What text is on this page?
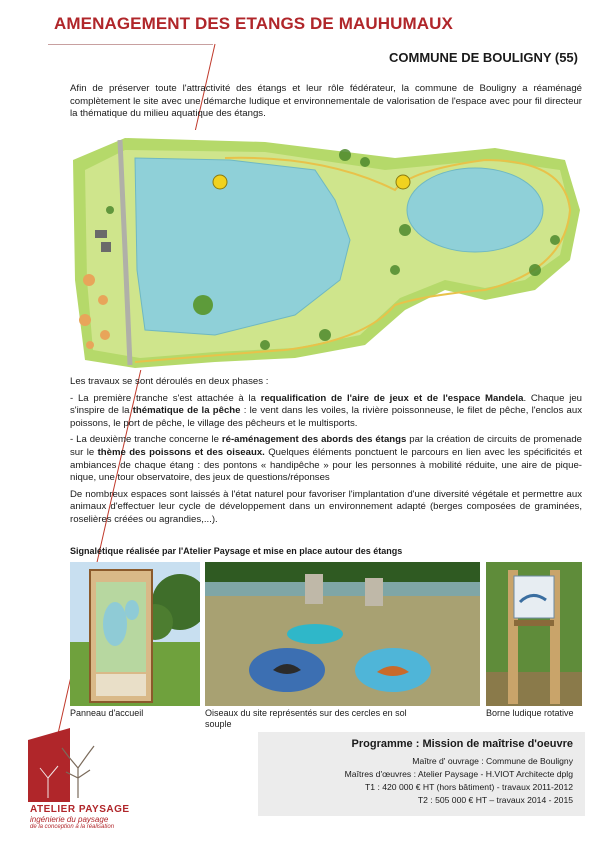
AMENAGEMENT DES ETANGS DE MAUHUMAUX
COMMUNE DE BOULIGNY (55)
Afin de préserver toute l'attractivité des étangs et leur rôle fédérateur, la commune de Bouligny a réaménagé complètement le site avec une démarche ludique et environnementale de valorisation de l'espace avec pour fil directeur la thématique du milieu aquatique des étangs.

Les travaux se sont déroulés en deux phases :

- La première tranche s'est attachée à la requalification de l'aire de jeux et de l'espace Mandela. Chaque jeu s'inspire de la thématique de la pêche : le vent dans les voiles, la rivière poissonneuse, le filet de pêche, l'enclos aux poissons, le port de pêche, le village des pêcheurs et le multisports.

- La deuxième tranche concerne le ré-aménagement des abords des étangs par la création de circuits de promenade sur le thème des poissons et des oiseaux. Quelques éléments ponctuent le parcours en lien avec les spécificités et ambiances de chaque étang : des pontons « handipêche » pour les personnes à mobilité réduite, une aire de pique-nique, une tour observatoire, des jeux de questions/réponses

De nombreux espaces sont laissés à l'état naturel pour favoriser l'implantation d'une diversité végétale et permettre aux animaux d'effectuer leur cycle de développement dans un environnement adapté (berges composées de graminées, roselières créées ou agrandies,...).

Signalétique réalisée par l'Atelier Paysage et mise en place autour des étangs
Panneau d'accueil	Oiseaux du site représentés sur des cercles en sol souple
Borne ludique rotative
ATELIER PAYSAGE
ingénierie du paysage
de la conception à la réalisation
Programme : Mission de maîtrise d'oeuvre
Maître d' ouvrage : Commune de Bouligny
Maîtres d'œuvres : Atelier Paysage - H.VIOT Architecte dplg
T1 : 420 000 € HT (hors bâtiment) - travaux 2011-2012
T2 : 505 000 € HT – travaux 2014 - 2015
